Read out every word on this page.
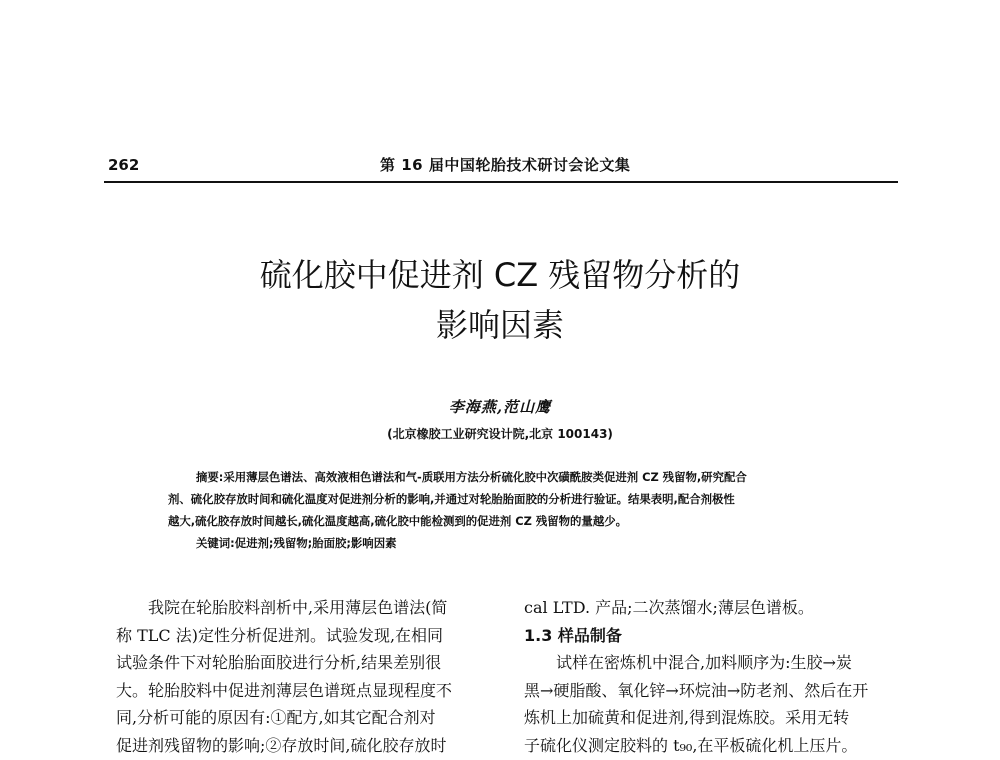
262	第 16 届中国轮胎技术研讨会论文集
硫化胶中促进剂 CZ 残留物分析的
影响因素
李海燕,范山鹰
(北京橡胶工业研究设计院,北京 100143)
摘要:采用薄层色谱法、高效液相色谱法和气-质联用方法分析硫化胶中次磺酰胺类促进剂 CZ 残留物,研究配合
剂、硫化胶存放时间和硫化温度对促进剂分析的影响,并通过对轮胎胎面胶的分析进行验证。结果表明,配合剂极性
越大,硫化胶存放时间越长,硫化温度越高,硫化胶中能检测到的促进剂 CZ 残留物的量越少。
关键词:促进剂;残留物;胎面胶;影响因素
我院在轮胎胶料剖析中,采用薄层色谱法(简
称 TLC 法)定性分析促进剂。试验发现,在相同
试验条件下对轮胎胎面胶进行分析,结果差别很
大。轮胎胶料中促进剂薄层色谱斑点显现程度不
同,分析可能的原因有:①配方,如其它配合剂对
促进剂残留物的影响;②存放时间,硫化胶存放时
cal LTD. 产品;二次蒸馏水;薄层色谱板。
1.3 样品制备
试样在密炼机中混合,加料顺序为:生胶→炭
黑→硬脂酸、氧化锌→环烷油→防老剂、然后在开
炼机上加硫黄和促进剂,得到混炼胶。采用无转
子硫化仪测定胶料的 t₉₀,在平板硫化机上压片。
